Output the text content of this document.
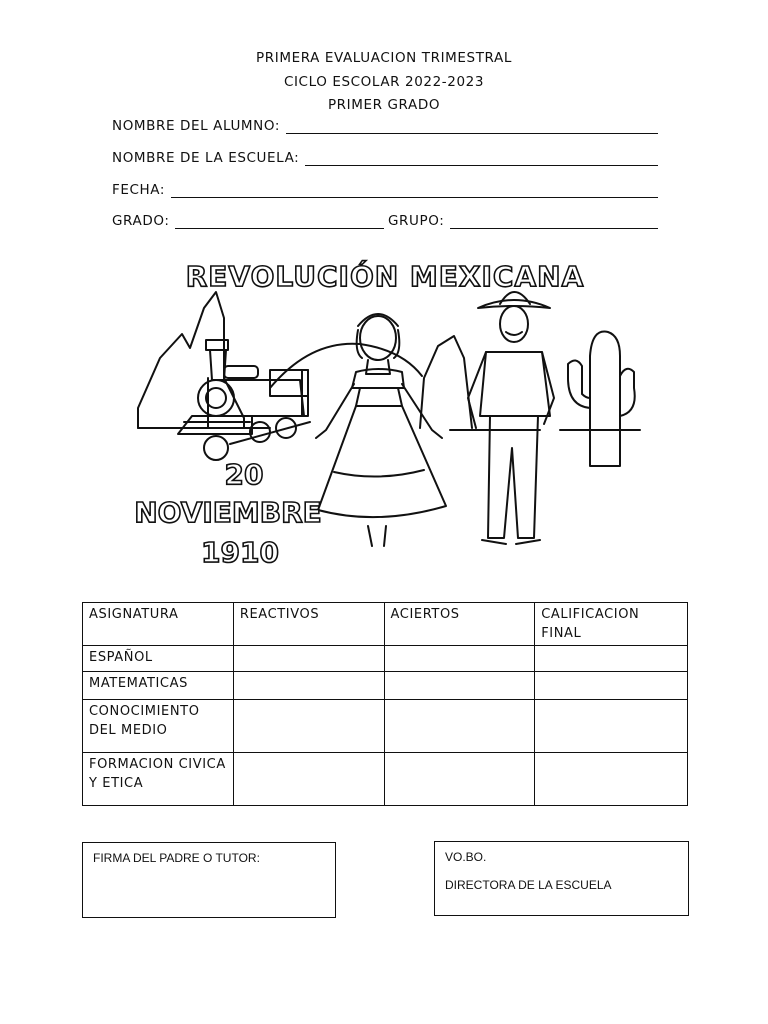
PRIMERA EVALUACION TRIMESTRAL
CICLO ESCOLAR 2022-2023
PRIMER GRADO
NOMBRE DEL ALUMNO:
NOMBRE DE LA ESCUELA:
FECHA:
GRADO:	GRUPO:
REVOLUCIÓN MEXICANA
20
NOVIEMBRE
1910
ASIGNATURA	REACTIVOS	ACIERTOS	CALIFICACION FINAL
ESPAÑOL			
MATEMATICAS			
CONOCIMIENTO DEL MEDIO			
FORMACION CIVICA Y ETICA			
FIRMA DEL PADRE O TUTOR:	VO.BO.
DIRECTORA DE LA ESCUELA
